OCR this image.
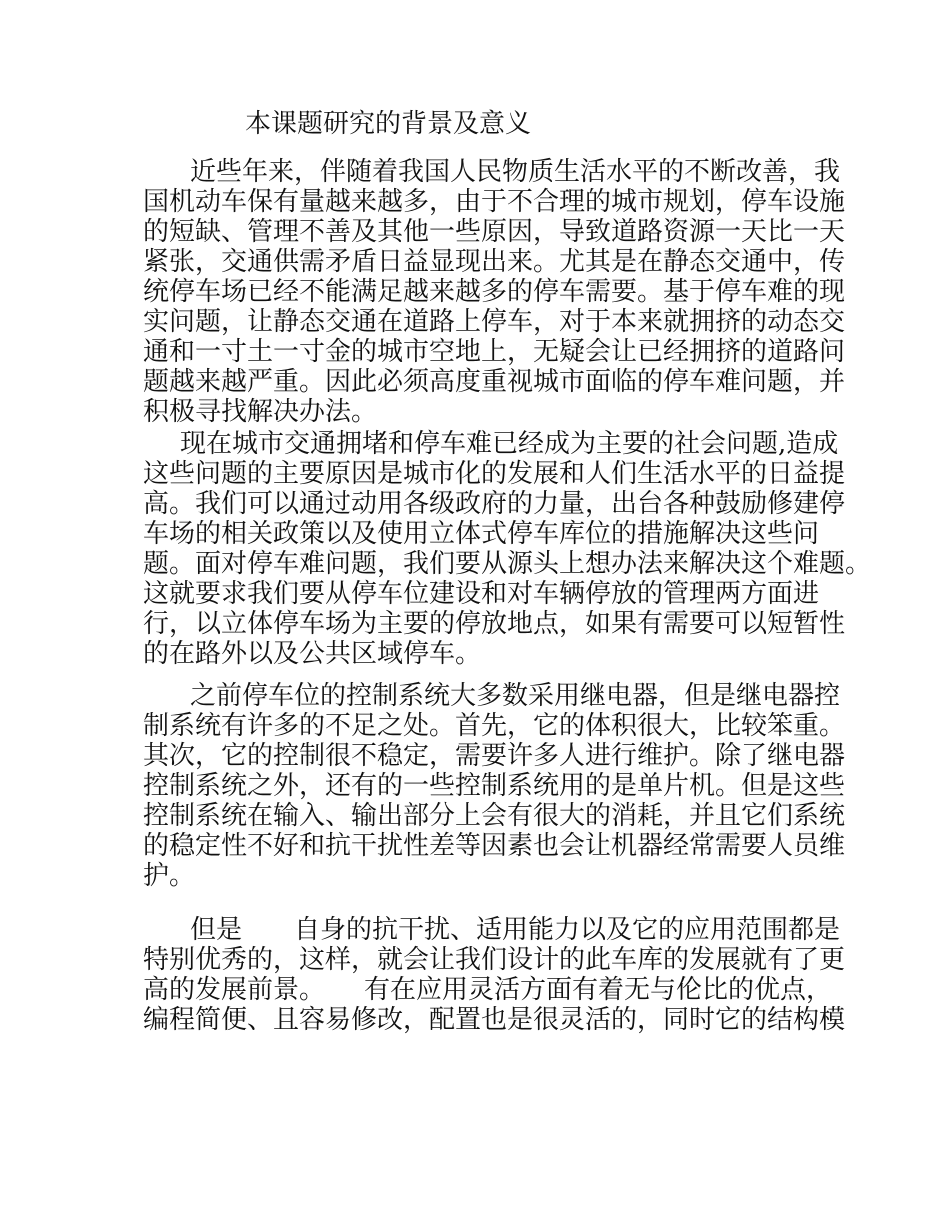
本课题研究的背景及意义
近些年来，伴随着我国人民物质生活水平的不断改善，我
国机动车保有量越来越多，由于不合理的城市规划，停车设施
的短缺、管理不善及其他一些原因，导致道路资源一天比一天
紧张，交通供需矛盾日益显现出来。尤其是在静态交通中，传
统停车场已经不能满足越来越多的停车需要。基于停车难的现
实问题，让静态交通在道路上停车，对于本来就拥挤的动态交
通和一寸土一寸金的城市空地上，无疑会让已经拥挤的道路问
题越来越严重。因此必须高度重视城市面临的停车难问题，并
积极寻找解决办法。
现在城市交通拥堵和停车难已经成为主要的社会问题,造成
这些问题的主要原因是城市化的发展和人们生活水平的日益提
高。我们可以通过动用各级政府的力量，出台各种鼓励修建停
车场的相关政策以及使用立体式停车库位的措施解决这些问
题。面对停车难问题，我们要从源头上想办法来解决这个难题。
这就要求我们要从停车位建设和对车辆停放的管理两方面进
行，以立体停车场为主要的停放地点，如果有需要可以短暂性
的在路外以及公共区域停车。
之前停车位的控制系统大多数采用继电器，但是继电器控
制系统有许多的不足之处。首先，它的体积很大，比较笨重。
其次，它的控制很不稳定，需要许多人进行维护。除了继电器
控制系统之外，还有的一些控制系统用的是单片机。但是这些
控制系统在输入、输出部分上会有很大的消耗，并且它们系统
的稳定性不好和抗干扰性差等因素也会让机器经常需要人员维
护。
但是　　自身的抗干扰、适用能力以及它的应用范围都是
特别优秀的，这样，就会让我们设计的此车库的发展就有了更
高的发展前景。　　有在应用灵活方面有着无与伦比的优点，
编程简便、且容易修改，配置也是很灵活的，同时它的结构模
